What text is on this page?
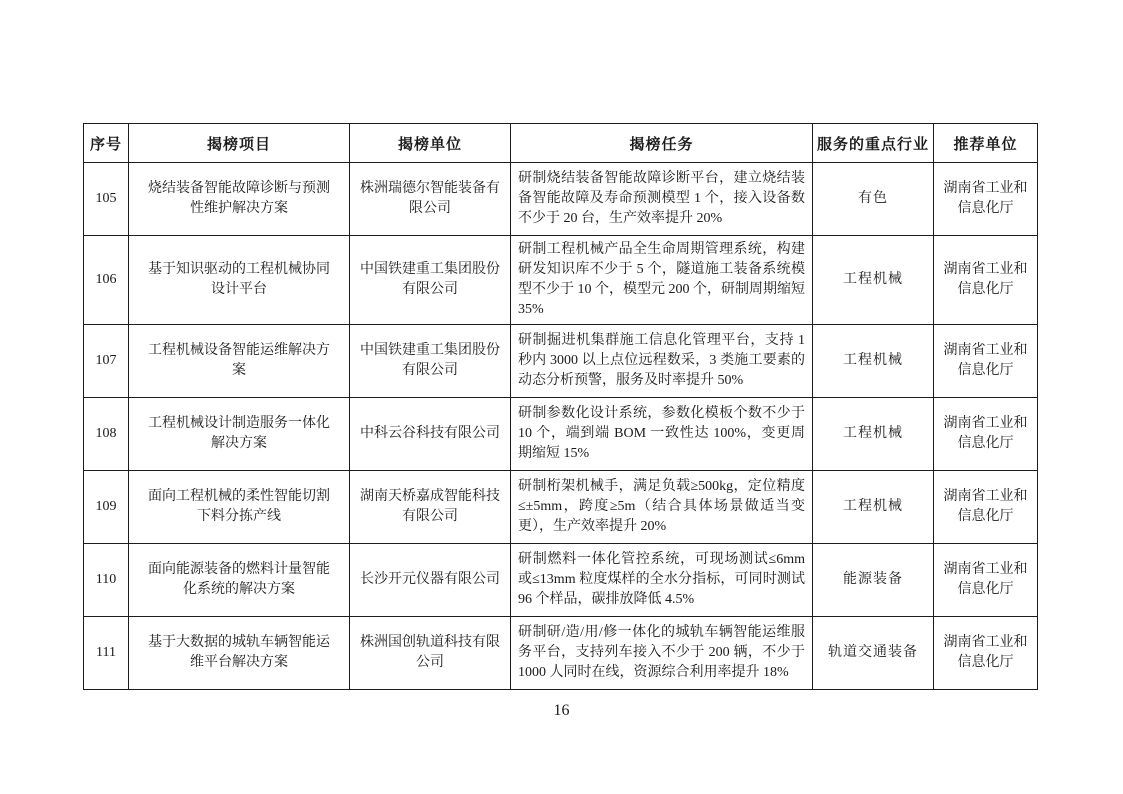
序号	揭榜项目	揭榜单位	揭榜任务	服务的重点行业	推荐单位
105	烧结装备智能故障诊断与预测性维护解决方案	株洲瑞德尔智能装备有限公司	研制烧结装备智能故障诊断平台，建立烧结装备智能故障及寿命预测模型 1 个，接入设备数不少于 20 台，生产效率提升 20%	有色	湖南省工业和信息化厅
106	基于知识驱动的工程机械协同设计平台	中国铁建重工集团股份有限公司	研制工程机械产品全生命周期管理系统，构建研发知识库不少于 5 个，隧道施工装备系统模型不少于 10 个，模型元 200 个，研制周期缩短 35%	工程机械	湖南省工业和信息化厅
107	工程机械设备智能运维解决方案	中国铁建重工集团股份有限公司	研制掘进机集群施工信息化管理平台，支持 1 秒内 3000 以上点位远程数采，3 类施工要素的动态分析预警，服务及时率提升 50%	工程机械	湖南省工业和信息化厅
108	工程机械设计制造服务一体化解决方案	中科云谷科技有限公司	研制参数化设计系统，参数化模板个数不少于 10 个，端到端 BOM 一致性达 100%，变更周期缩短 15%	工程机械	湖南省工业和信息化厅
109	面向工程机械的柔性智能切割下料分拣产线	湖南天桥嘉成智能科技有限公司	研制桁架机械手，满足负载≥500kg，定位精度≤±5mm，跨度≥5m（结合具体场景做适当变更），生产效率提升 20%	工程机械	湖南省工业和信息化厅
110	面向能源装备的燃料计量智能化系统的解决方案	长沙开元仪器有限公司	研制燃料一体化管控系统，可现场测试≤6mm 或≤13mm 粒度煤样的全水分指标，可同时测试 96 个样品，碳排放降低 4.5%	能源装备	湖南省工业和信息化厅
111	基于大数据的城轨车辆智能运维平台解决方案	株洲国创轨道科技有限公司	研制研/造/用/修一体化的城轨车辆智能运维服务平台，支持列车接入不少于 200 辆，不少于 1000 人同时在线，资源综合利用率提升 18%	轨道交通装备	湖南省工业和信息化厅
16
